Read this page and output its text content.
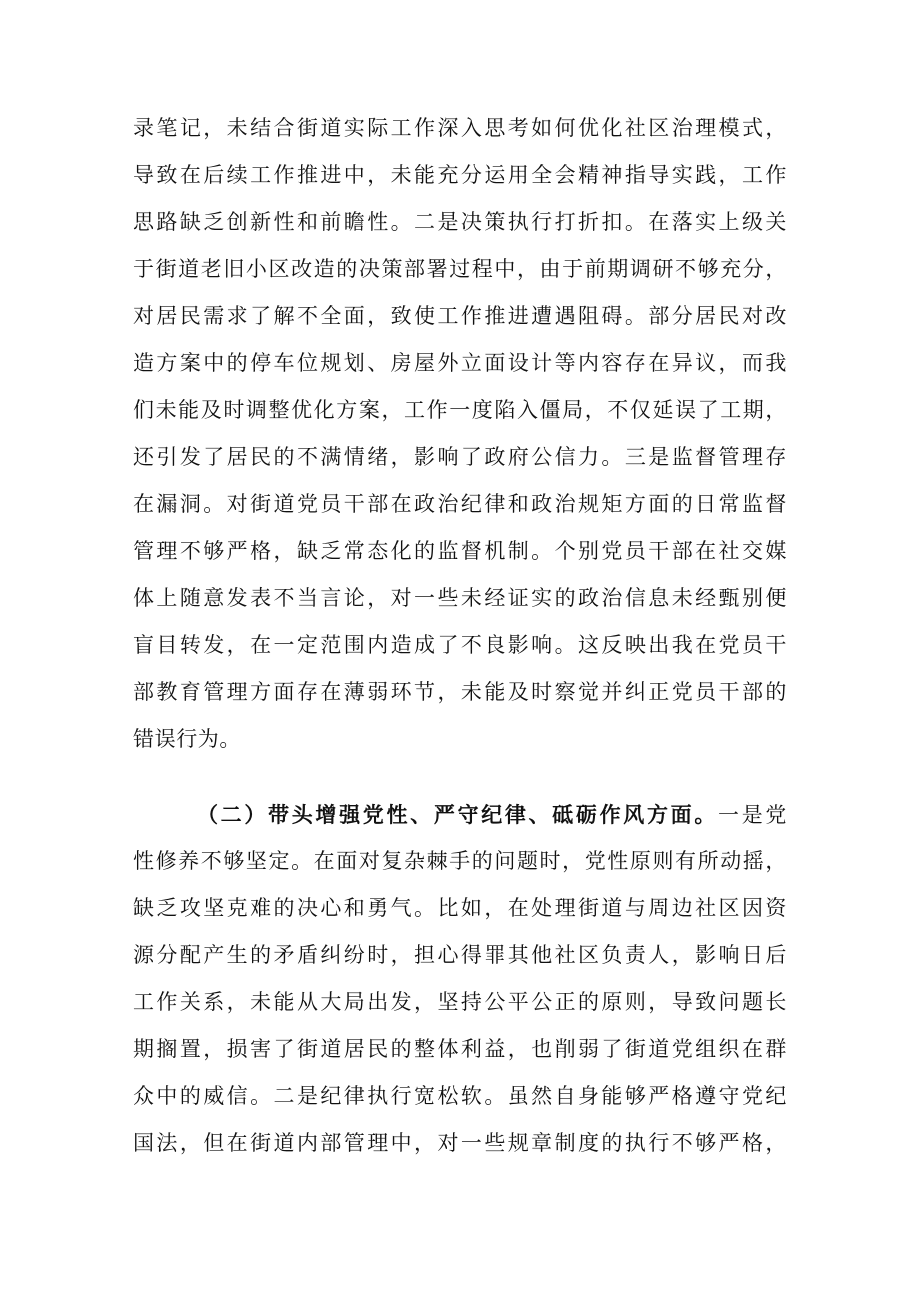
录笔记，未结合街道实际工作深入思考如何优化社区治理模式，
导致在后续工作推进中，未能充分运用全会精神指导实践，工作
思路缺乏创新性和前瞻性。二是决策执行打折扣。在落实上级关
于街道老旧小区改造的决策部署过程中，由于前期调研不够充分，
对居民需求了解不全面，致使工作推进遭遇阻碍。部分居民对改
造方案中的停车位规划、房屋外立面设计等内容存在异议，而我
们未能及时调整优化方案，工作一度陷入僵局，不仅延误了工期，
还引发了居民的不满情绪，影响了政府公信力。三是监督管理存
在漏洞。对街道党员干部在政治纪律和政治规矩方面的日常监督
管理不够严格，缺乏常态化的监督机制。个别党员干部在社交媒
体上随意发表不当言论，对一些未经证实的政治信息未经甄别便
盲目转发，在一定范围内造成了不良影响。这反映出我在党员干
部教育管理方面存在薄弱环节，未能及时察觉并纠正党员干部的
错误行为。
（二）带头增强党性、严守纪律、砥砺作风方面。一是党
性修养不够坚定。在面对复杂棘手的问题时，党性原则有所动摇，
缺乏攻坚克难的决心和勇气。比如，在处理街道与周边社区因资
源分配产生的矛盾纠纷时，担心得罪其他社区负责人，影响日后
工作关系，未能从大局出发，坚持公平公正的原则，导致问题长
期搁置，损害了街道居民的整体利益，也削弱了街道党组织在群
众中的威信。二是纪律执行宽松软。虽然自身能够严格遵守党纪
国法，但在街道内部管理中，对一些规章制度的执行不够严格，
